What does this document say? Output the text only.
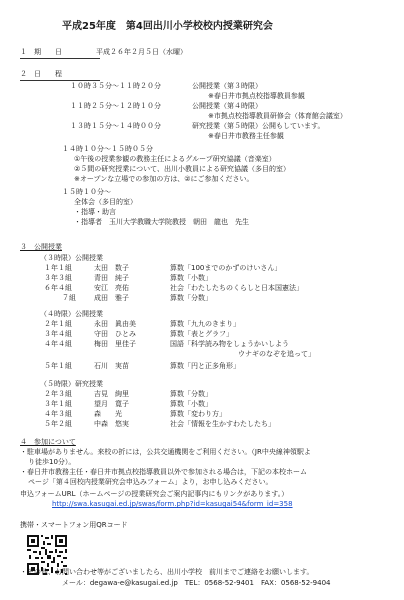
平成25年度　第4回出川小学校校内授業研究会
１　期　　日	平成２６年２月５日（水曜）
２　日　　程
１０時３５分～１１時２０分	公開授業（第３時限）
※春日井市拠点校指導教員参観
１１時２５分～１２時１０分	公開授業（第４時限）
※市拠点校指導教員研修会（体育館会議室）
１３時１５分～１４時００分	研究授業（第５時限）公開もしています。
※春日井市教務主任参観
１４時１０分～１５時０５分
①午後の授業参観の教務主任によるグループ研究協議（音楽室）
②５間の研究授業について、出川小教員による研究協議（多目的室）
※オープンな立場での参加の方は、②にご参加ください。
１５時１０分～
全体会（多目的室）
・指導・助言
・指導者　玉川大学教職大学院教授　朝田　龍也　先生
３　公開授業
（３時限）公開授業
１年１組	太田　数子	算数「100までのかずのけいさん」
３年３組	青田　純子	算数「小数」
６年４組	安江　亮佑	社会「わたしたちのくらしと日本国憲法」
７組	成田　雅子	算数「分数」
（４時限）公開授業
２年１組	永田　眞由美	算数「九九のきまり」
３年４組	守田　ひとみ	算数「表とグラフ」
４年４組	梅田　里佳子	国語「科学読み物をしょうかいしよう
ウナギのなぞを追って」
５年１組	石川　実苗	算数「円と正多角形」
（５時限）研究授業
２年３組	吉見　絢里	算数「分数」
３年１組	望月　寛子	算数「小数」
４年３組	森　　光	算数「変わり方」
５年２組	中森　悠実	社会「情報を生かすわたしたち」
４　参加について
・駐車場がありません。来校の折には，公共交通機関をご利用ください。（JR中央線神領駅よ
り徒歩10分）。
・春日井市教務主任・春日井市拠点校指導教員以外で参加される場合は，下記の本校ホーム
ページ「第４回校内授業研究会申込みフォーム」より，お申し込みください。
申込フォームURL（ホームページの授業研究会ご案内記事内にもリンクがあります。）
http://swa.kasugai.ed.jp/swas/form.php?id=kasugai54&form_id=358
携帯・スマートフォン用QRコード
・その他、お問い合わせ等がございましたら、出川小学校　前川までご連絡をお願いします。
メール：degawa-e@kasugai.ed.jp　TEL：0568-52-9401　FAX：0568-52-9404
